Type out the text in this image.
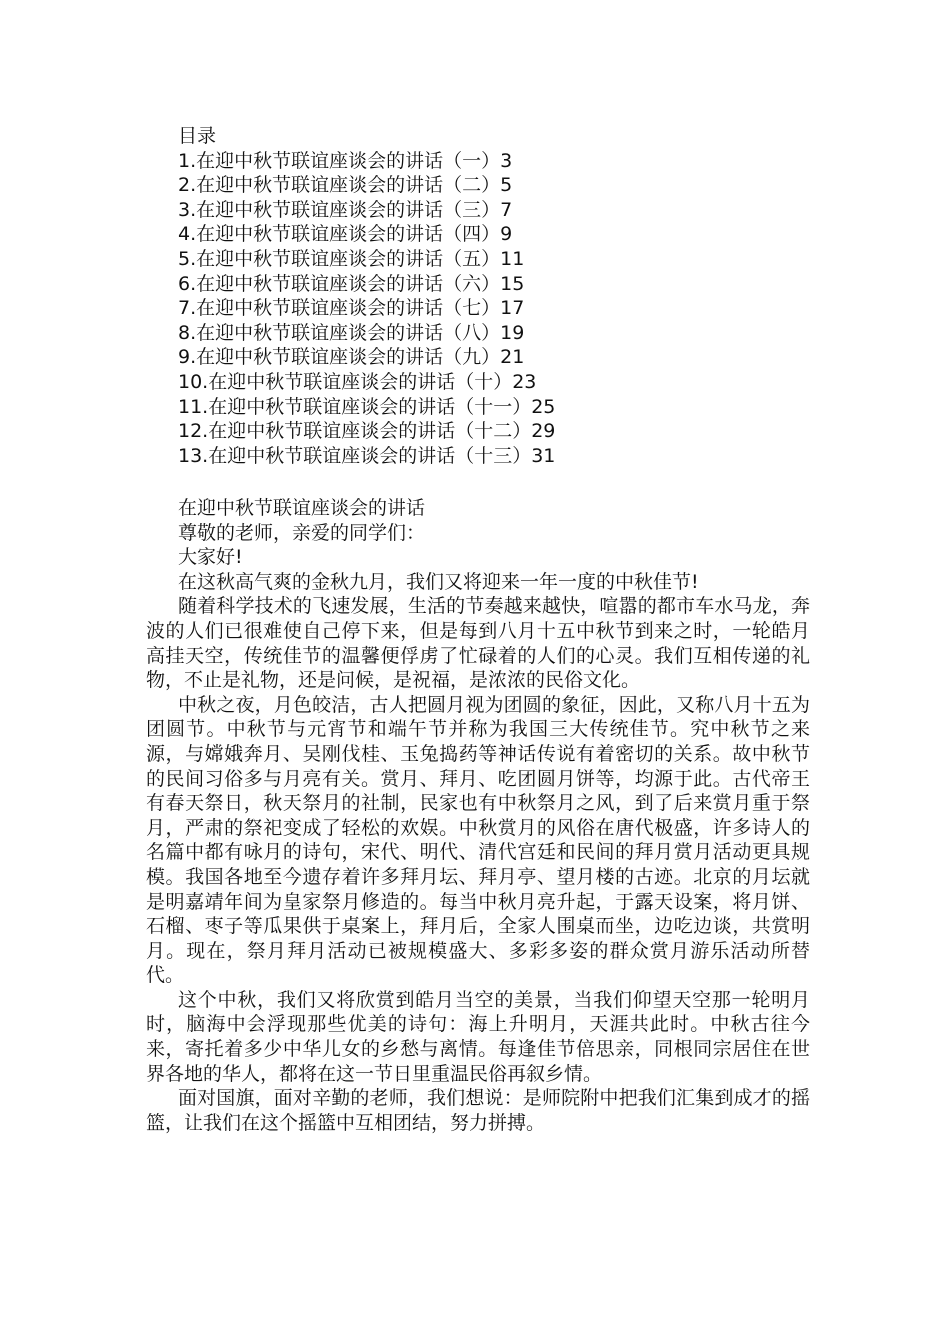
目录
1.在迎中秋节联谊座谈会的讲话（一）3
2.在迎中秋节联谊座谈会的讲话（二）5
3.在迎中秋节联谊座谈会的讲话（三）7
4.在迎中秋节联谊座谈会的讲话（四）9
5.在迎中秋节联谊座谈会的讲话（五）11
6.在迎中秋节联谊座谈会的讲话（六）15
7.在迎中秋节联谊座谈会的讲话（七）17
8.在迎中秋节联谊座谈会的讲话（八）19
9.在迎中秋节联谊座谈会的讲话（九）21
10.在迎中秋节联谊座谈会的讲话（十）23
11.在迎中秋节联谊座谈会的讲话（十一）25
12.在迎中秋节联谊座谈会的讲话（十二）29
13.在迎中秋节联谊座谈会的讲话（十三）31
在迎中秋节联谊座谈会的讲话
尊敬的老师，亲爱的同学们：
大家好!
在这秋高气爽的金秋九月，我们又将迎来一年一度的中秋佳节!

随着科学技术的飞速发展，生活的节奏越来越快，喧嚣的都市车水马龙，奔波的人们已很难使自己停下来，但是每到八月十五中秋节到来之时，一轮皓月高挂天空，传统佳节的温馨便俘虏了忙碌着的人们的心灵。我们互相传递的礼物，不止是礼物，还是问候，是祝福，是浓浓的民俗文化。

中秋之夜，月色皎洁，古人把圆月视为团圆的象征，因此，又称八月十五为团圆节。中秋节与元宵节和端午节并称为我国三大传统佳节。究中秋节之来源，与嫦娥奔月、吴刚伐桂、玉兔捣药等神话传说有着密切的关系。故中秋节的民间习俗多与月亮有关。赏月、拜月、吃团圆月饼等，均源于此。古代帝王有春天祭日，秋天祭月的社制，民家也有中秋祭月之风，到了后来赏月重于祭月，严肃的祭祀变成了轻松的欢娱。中秋赏月的风俗在唐代极盛，许多诗人的名篇中都有咏月的诗句，宋代、明代、清代宫廷和民间的拜月赏月活动更具规模。我国各地至今遗存着许多拜月坛、拜月亭、望月楼的古迹。北京的月坛就是明嘉靖年间为皇家祭月修造的。每当中秋月亮升起，于露天设案，将月饼、石榴、枣子等瓜果供于桌案上，拜月后，全家人围桌而坐，边吃边谈，共赏明月。现在，祭月拜月活动已被规模盛大、多彩多姿的群众赏月游乐活动所替代。

这个中秋，我们又将欣赏到皓月当空的美景，当我们仰望天空那一轮明月时，脑海中会浮现那些优美的诗句：海上升明月，天涯共此时。中秋古往今来，寄托着多少中华儿女的乡愁与离情。每逢佳节倍思亲，同根同宗居住在世界各地的华人，都将在这一节日里重温民俗再叙乡情。

面对国旗，面对辛勤的老师，我们想说：是师院附中把我们汇集到成才的摇篮，让我们在这个摇篮中互相团结，努力拼搏。
